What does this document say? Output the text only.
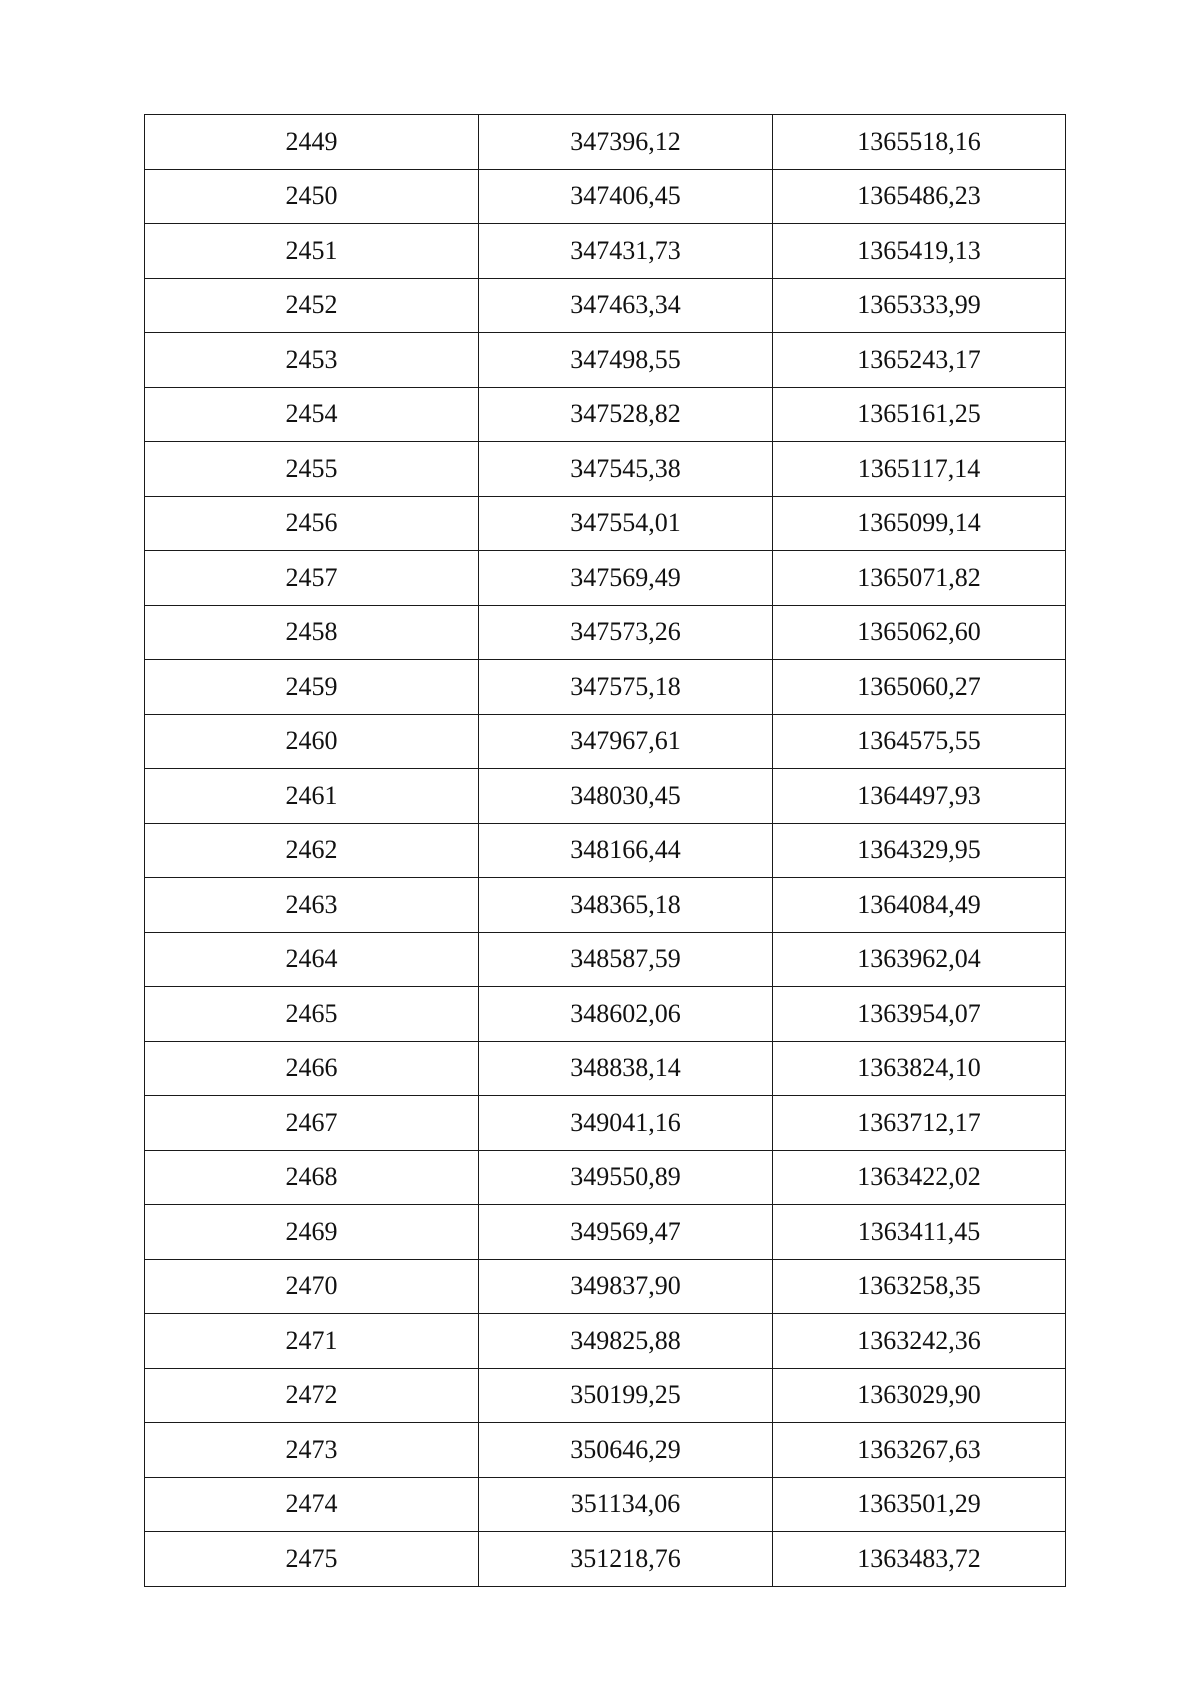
2449	347396,12	1365518,16
2450	347406,45	1365486,23
2451	347431,73	1365419,13
2452	347463,34	1365333,99
2453	347498,55	1365243,17
2454	347528,82	1365161,25
2455	347545,38	1365117,14
2456	347554,01	1365099,14
2457	347569,49	1365071,82
2458	347573,26	1365062,60
2459	347575,18	1365060,27
2460	347967,61	1364575,55
2461	348030,45	1364497,93
2462	348166,44	1364329,95
2463	348365,18	1364084,49
2464	348587,59	1363962,04
2465	348602,06	1363954,07
2466	348838,14	1363824,10
2467	349041,16	1363712,17
2468	349550,89	1363422,02
2469	349569,47	1363411,45
2470	349837,90	1363258,35
2471	349825,88	1363242,36
2472	350199,25	1363029,90
2473	350646,29	1363267,63
2474	351134,06	1363501,29
2475	351218,76	1363483,72
